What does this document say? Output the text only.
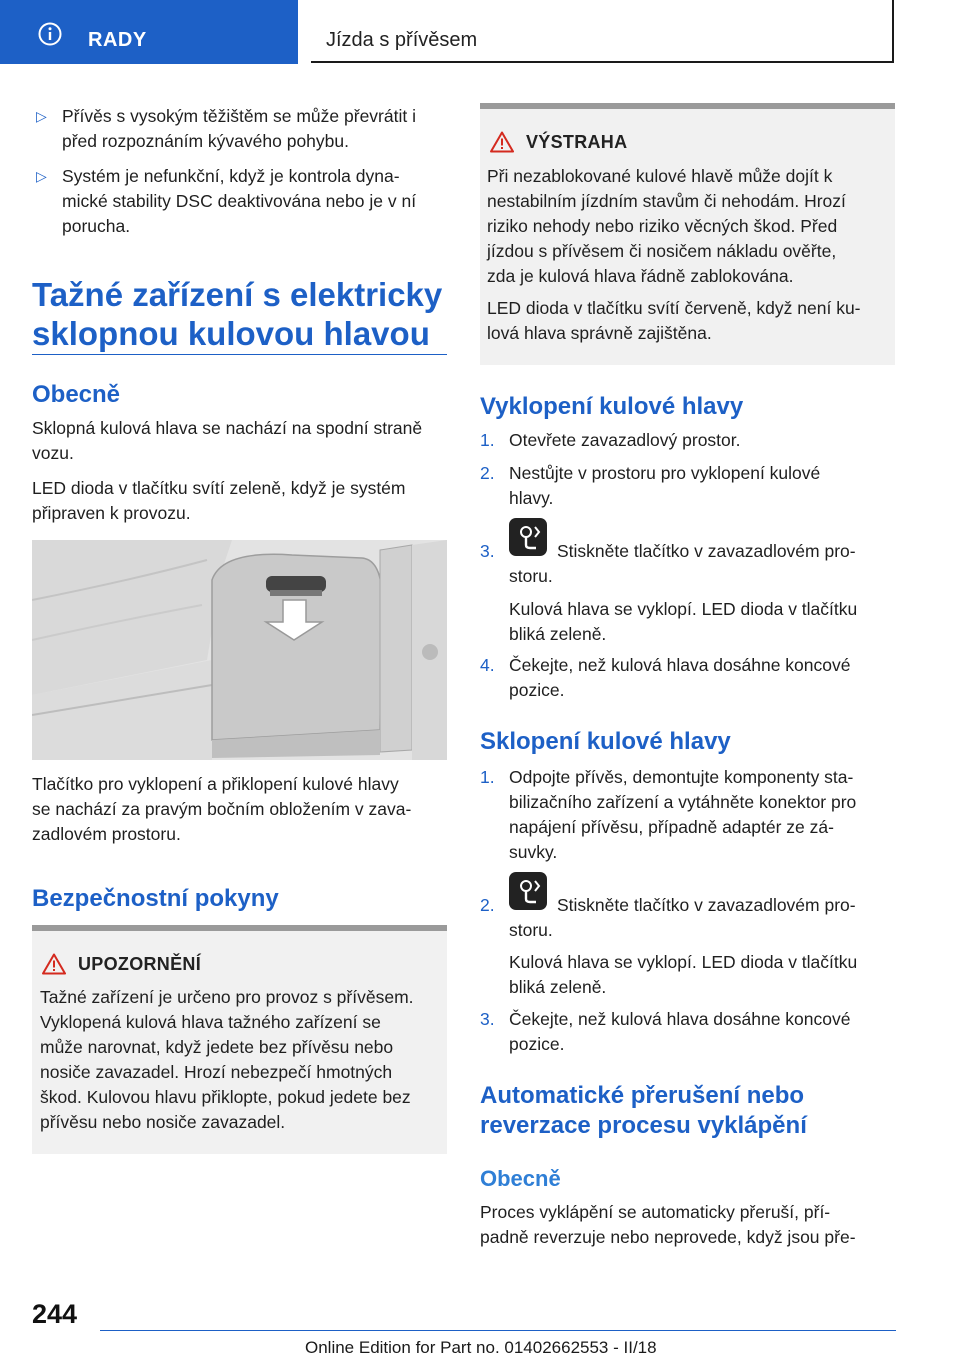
RADY	Jízda s přívěsem
▷ Přívěs s vysokým těžištěm se může převrátit i
před rozpoznáním kývavého pohybu.
▷ Systém je nefunkční, když je kontrola dyna-
mické stability DSC deaktivována nebo je v ní
porucha.
Tažné zařízení s elektricky
sklopnou kulovou hlavou
Obecně
Sklopná kulová hlava se nachází na spodní straně
vozu.
LED dioda v tlačítku svítí zeleně, když je systém
připraven k provozu.
Tlačítko pro vyklopení a přiklopení kulové hlavy
se nachází za pravým bočním obložením v zava-
zadlovém prostoru.
Bezpečnostní pokyny
UPOZORNĚNÍ
Tažné zařízení je určeno pro provoz s přívěsem.
Vyklopená kulová hlava tažného zařízení se
může narovnat, když jedete bez přívěsu nebo
nosiče zavazadel. Hrozí nebezpečí hmotných
škod. Kulovou hlavu přiklopte, pokud jedete bez
přívěsu nebo nosiče zavazadel.
VÝSTRAHA
Při nezablokované kulové hlavě může dojít k
nestabilním jízdním stavům či nehodám. Hrozí
riziko nehody nebo riziko věcných škod. Před
jízdou s přívěsem či nosičem nákladu ověřte,
zda je kulová hlava řádně zablokována.
LED dioda v tlačítku svítí červeně, když není ku-
lová hlava správně zajištěna.
Vyklopení kulové hlavy
1. Otevřete zavazadlový prostor.
2. Nestůjte v prostoru pro vyklopení kulové
hlavy.
3.	Stiskněte tlačítko v zavazadlovém pro-
storu.
Kulová hlava se vyklopí. LED dioda v tlačítku
bliká zeleně.
4. Čekejte, než kulová hlava dosáhne koncové
pozice.
Sklopení kulové hlavy
1. Odpojte přívěs, demontujte komponenty sta-
bilizačního zařízení a vytáhněte konektor pro
napájení přívěsu, případně adaptér ze zá-
suvky.
2.	Stiskněte tlačítko v zavazadlovém pro-
storu.
Kulová hlava se vyklopí. LED dioda v tlačítku
bliká zeleně.
3. Čekejte, než kulová hlava dosáhne koncové
pozice.
Automatické přerušení nebo
reverzace procesu vyklápění
Obecně
Proces vyklápění se automaticky přeruší, pří-
padně reverzuje nebo neprovede, když jsou pře-
244
Online Edition for Part no. 01402662553 - II/18
